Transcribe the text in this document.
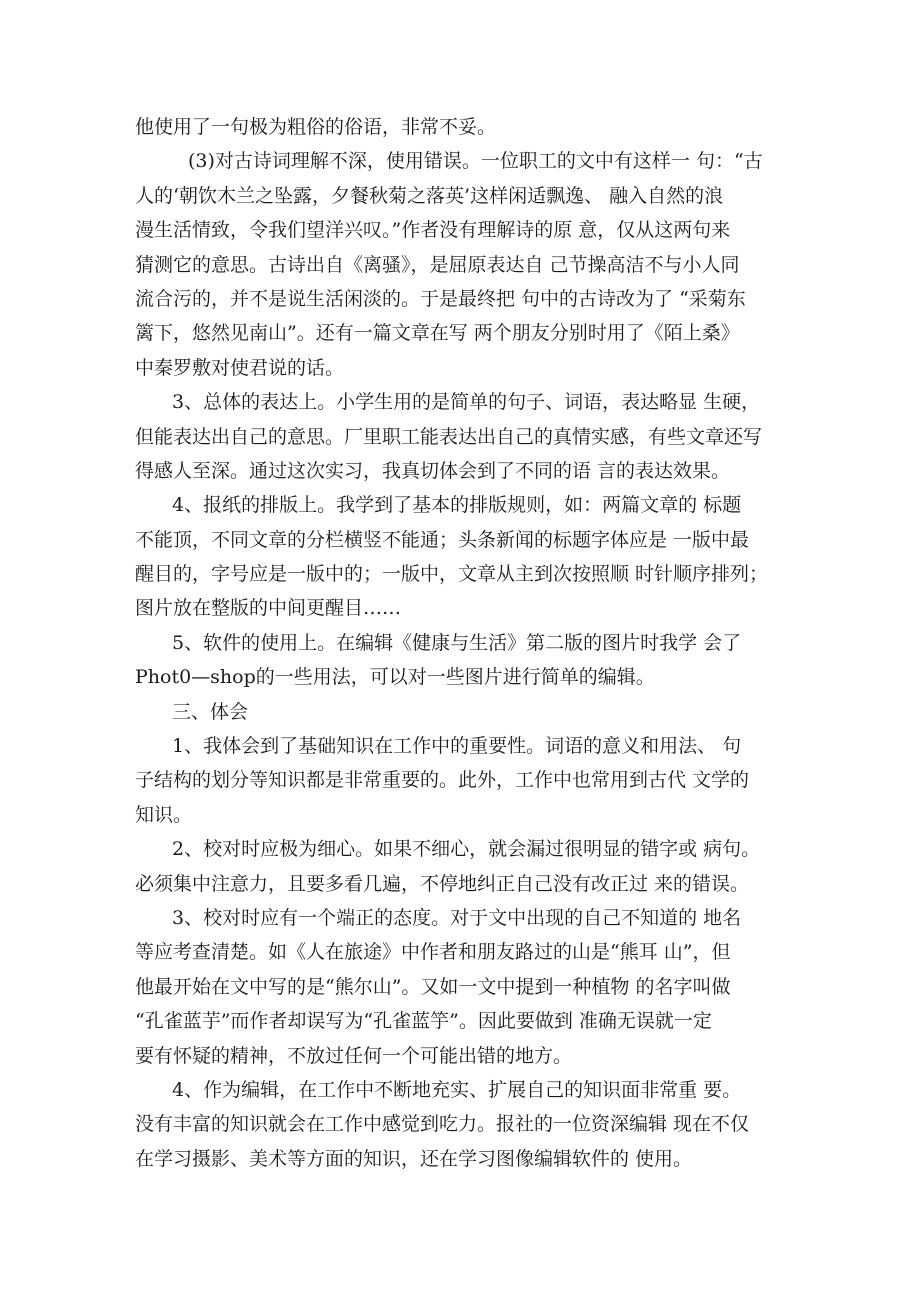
他使用了一句极为粗俗的俗语，非常不妥。
(3)对古诗词理解不深，使用错误。一位职工的文中有这样一 句：“古
人的‘朝饮木兰之坠露，夕餐秋菊之落英’这样闲适飘逸、 融入自然的浪
漫生活情致，令我们望洋兴叹。”作者没有理解诗的原 意，仅从这两句来
猜测它的意思。古诗出自《离骚》，是屈原表达自 己节操高洁不与小人同
流合污的，并不是说生活闲淡的。于是最终把 句中的古诗改为了 “采菊东
篱下，悠然见南山”。还有一篇文章在写 两个朋友分别时用了《陌上桑》
中秦罗敷对使君说的话。
3、总体的表达上。小学生用的是简单的句子、词语，表达略显 生硬，
但能表达出自己的意思。厂里职工能表达出自己的真情实感，有些文章还写
得感人至深。通过这次实习，我真切体会到了不同的语 言的表达效果。
4、报纸的排版上。我学到了基本的排版规则，如：两篇文章的 标题
不能顶，不同文章的分栏横竖不能通；头条新闻的标题字体应是 一版中最
醒目的，字号应是一版中的；一版中，文章从主到次按照顺 时针顺序排列；
图片放在整版的中间更醒目……
5、软件的使用上。在编辑《健康与生活》第二版的图片时我学 会了
Phot0—shop的一些用法，可以对一些图片进行简单的编辑。
三、体会
1、我体会到了基础知识在工作中的重要性。词语的意义和用法、 句
子结构的划分等知识都是非常重要的。此外，工作中也常用到古代 文学的
知识。
2、校对时应极为细心。如果不细心，就会漏过很明显的错字或 病句。
必须集中注意力，且要多看几遍，不停地纠正自己没有改正过 来的错误。
3、校对时应有一个端正的态度。对于文中出现的自己不知道的 地名
等应考查清楚。如《人在旅途》中作者和朋友路过的山是“熊耳 山”，但
他最开始在文中写的是“熊尔山”。又如一文中提到一种植物 的名字叫做
“孔雀蓝芋”而作者却误写为“孔雀蓝竽”。因此要做到 准确无误就一定
要有怀疑的精神，不放过任何一个可能出错的地方。
4、作为编辑，在工作中不断地充实、扩展自己的知识面非常重 要。
没有丰富的知识就会在工作中感觉到吃力。报社的一位资深编辑 现在不仅
在学习摄影、美术等方面的知识，还在学习图像编辑软件的 使用。
